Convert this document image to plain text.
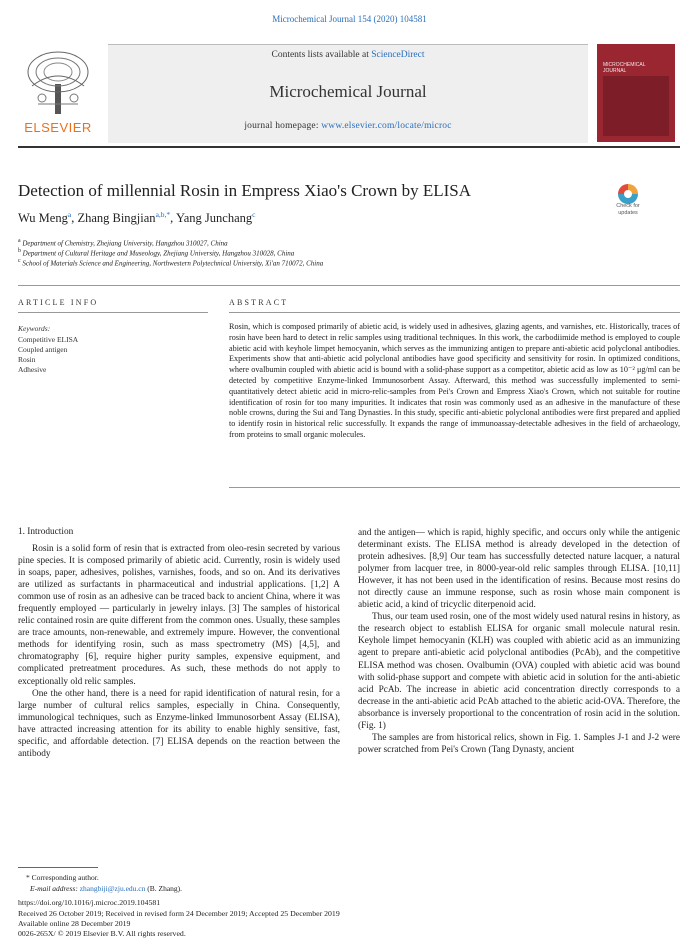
Microchemical Journal 154 (2020) 104581
ELSEVIER
Contents lists available at ScienceDirect
Microchemical Journal
journal homepage: www.elsevier.com/locate/microc
MICROCHEMICAL JOURNAL
Detection of millennial Rosin in Empress Xiao's Crown by ELISA
Check for
updates
Wu Meng$^a$, Zhang Bingjian$^{a,b,*}$, Yang Junchang$^c$
$^a$ Department of Chemistry, Zhejiang University, Hangzhou 310027, China
$^b$ Department of Cultural Heritage and Museology, Zhejiang University, Hangzhou 310028, China
$^c$ School of Materials Science and Engineering, Northwestern Polytechnical University, Xi'an 710072, China
ARTICLE INFO
Keywords:
Competitive ELISA
Coupled antigen
Rosin
Adhesive
ABSTRACT
Rosin, which is composed primarily of abietic acid, is widely used in adhesives, glazing agents, and varnishes, etc. Historically, traces of rosin have been hard to detect in relic samples using traditional techniques. In this work, the carbodiimide method is employed to couple abietic acid with keyhole limpet hemocyanin, which serves as the immunizing antigen to prepare anti-abietic acid polyclonal antibodies. Experiments show that anti-abietic acid polyclonal antibodies have good specificity and sensitivity for rosin. In optimized conditions, where ovalbumin coupled with abietic acid is bound with a solid-phase support as a competitor, abietic acid as low as 10⁻² μg/ml can be detected by competitive Enzyme-linked Immunosorbent Assay. Afterward, this method was successfully implemented to semi-quantitatively detect abietic acid in micro-relic-samples from Pei's Crown and Empress Xiao's Crown, which not suitable for routine identification of rosin for too many impurities. It indicates that rosin was commonly used as an adhesive in the manufacture of these noble crowns, during the Sui and Tang Dynasties. In this study, specific anti-abietic polyclonal antibodies were first prepared and applied to identify rosin in historical relic successfully. It expands the range of immunoassay-detectable adhesives in the field of archaeology, from proteins to small organic molecules.
1. Introduction

Rosin is a solid form of resin that is extracted from oleo-resin secreted by various pine species. It is composed primarily of abietic acid. Currently, rosin is widely used in soaps, paper, adhesives, polishes, varnishes, foods, and so on. And its derivatives are utilized as surfactants in pharmaceutical and industrial applications. [1,2] A common use of rosin as an adhesive can be traced back to ancient China, where it was frequently employed — particularly in jewelry inlays. [3] The samples of historical relic contained rosin are quite different from the common ones. Usually, these samples are trace amounts, non-renewable, and extremely impure. However, the conventional methods for identifying rosin, such as mass spectrometry (MS) [4,5], and chromatography [6], require higher purity samples, expensive equipment, and complicated pretreatment procedures. As such, these methods do not apply to exceptionally old relic samples.

One the other hand, there is a need for rapid identification of natural resin, for a large number of cultural relics samples, especially in China. Consequently, immunological techniques, such as Enzyme-linked Immunosorbent Assay (ELISA), have attracted increasing attention for its ability to enable highly sensitive, fast, specific, and affordable detection. [7] ELISA depends on the reaction between the antibody

and the antigen— which is rapid, highly specific, and occurs only while the antigenic determinant exists. The ELISA method is already developed in the detection of protein adhesives. [8,9] Our team has successfully detected nature lacquer, a natural polymer from lacquer tree, in 8000-year-old relic samples through ELISA. [10,11] However, it has not been used in the identification of resins. Because most resins do not directly cause an immune response, such as rosin whose main component is abietic acid, a kind of tricyclic diterpenoid acid.

Thus, our team used rosin, one of the most widely used natural resins in history, as the research object to establish ELISA for organic small molecule natural resin. Keyhole limpet hemocyanin (KLH) was coupled with abietic acid as an immunizing agent to prepare anti-abietic acid polyclonal antibodies (PcAb), and the competitive ELISA method was chosen. Ovalbumin (OVA) coupled with abietic acid was bound with solid-phase support and compete with abietic acid in solution for the anti-abietic acid PcAb. The increase in abietic acid concentration directly corresponds to a decrease in the anti-abietic acid PcAb attached to the abietic acid-OVA. Therefore, the absorbance is inversely proportional to the concentration of rosin acid in the solution. (Fig. 1)

The samples are from historical relics, shown in Fig. 1. Samples J-1 and J-2 were power scratched from Pei's Crown (Tang Dynasty, ancient

* Corresponding author.
E-mail address: zhangbiji@zju.edu.cn (B. Zhang).
https://doi.org/10.1016/j.microc.2019.104581
Received 26 October 2019; Received in revised form 24 December 2019; Accepted 25 December 2019
Available online 28 December 2019
0026-265X/ © 2019 Elsevier B.V. All rights reserved.
